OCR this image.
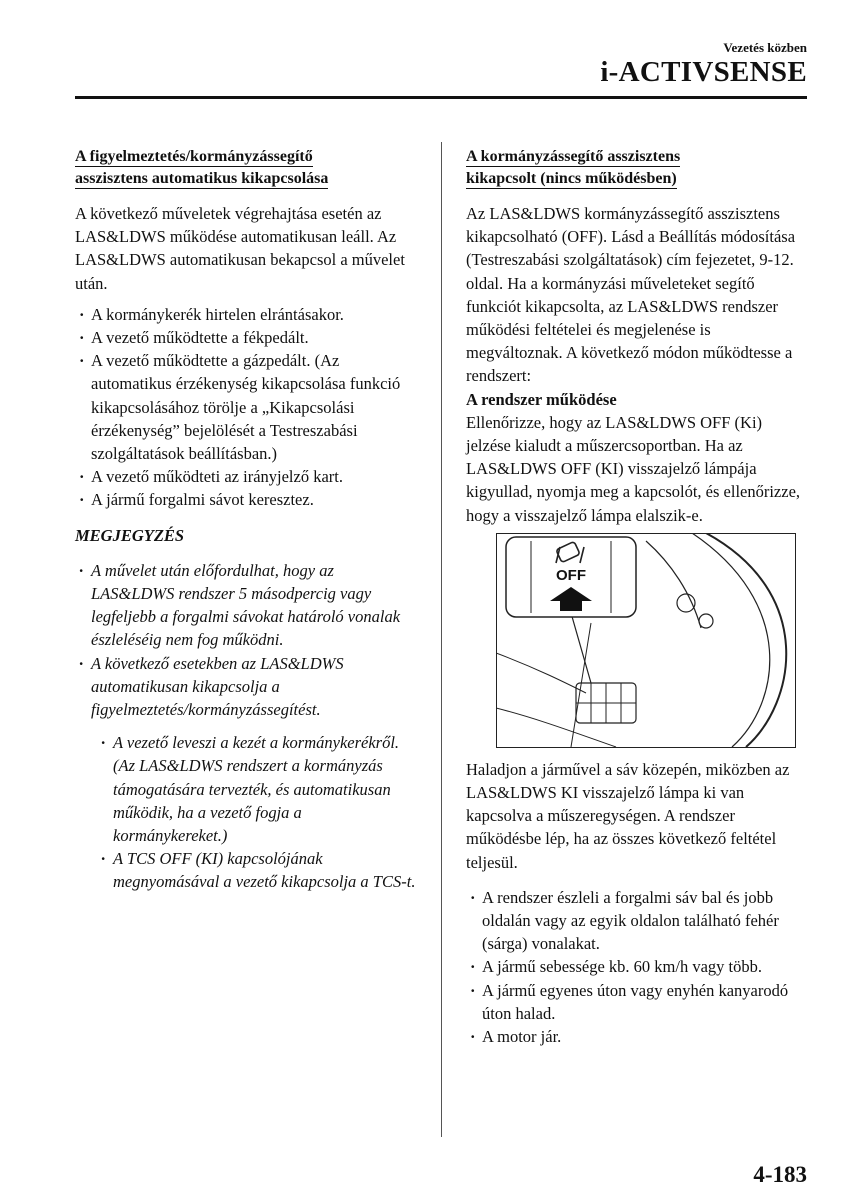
Vezetés közben
i-ACTIVSENSE
A figyelmeztetés/kormányzássegítő
asszisztens automatikus kikapcsolása

A következő műveletek végrehajtása esetén az LAS&LDWS működése automatikusan leáll. Az LAS&LDWS automatikusan bekapcsol a művelet után.

· A kormánykerék hirtelen elrántásakor.
· A vezető működtette a fékpedált.
· A vezető működtette a gázpedált. (Az automatikus érzékenység kikapcsolása funkció kikapcsolásához törölje a „Kikapcsolási érzékenység” bejelölését a Testreszabási szolgáltatások beállításban.)
· A vezető működteti az irányjelző kart.
· A jármű forgalmi sávot keresztez.
MEGJEGYZÉS
· A művelet után előfordulhat, hogy az LAS&LDWS rendszer 5 másodpercig vagy legfeljebb a forgalmi sávokat határoló vonalak észleléséig nem fog működni.
· A következő esetekben az LAS&LDWS automatikusan kikapcsolja a figyelmeztetés/kormányzássegítést.
· A vezető leveszi a kezét a kormánykerékről. (Az LAS&LDWS rendszert a kormányzás támogatására tervezték, és automatikusan működik, ha a vezető fogja a kormánykereket.)
· A TCS OFF (KI) kapcsolójának megnyomásával a vezető kikapcsolja a TCS-t.
A kormányzássegítő asszisztens
kikapcsolt (nincs működésben)

Az LAS&LDWS kormányzássegítő asszisztens kikapcsolható (OFF). Lásd a Beállítás módosítása (Testreszabási szolgáltatások) cím fejezetet, 9-12. oldal. Ha a kormányzási műveleteket segítő funkciót kikapcsolta, az LAS&LDWS rendszer működési feltételei és megjelenése is megváltoznak. A következő módon működtesse a rendszert:

A rendszer működése

Ellenőrizze, hogy az LAS&LDWS OFF (Ki) jelzése kialudt a műszercsoportban. Ha az LAS&LDWS OFF (KI) visszajelző lámpája kigyullad, nyomja meg a kapcsolót, és ellenőrizze, hogy a visszajelző lámpa elalszik-e.

OFF

Haladjon a járművel a sáv közepén, miközben az LAS&LDWS KI visszajelző lámpa ki van kapcsolva a műszeregységen. A rendszer működésbe lép, ha az összes következő feltétel teljesül.

· A rendszer észleli a forgalmi sáv bal és jobb oldalán vagy az egyik oldalon található fehér (sárga) vonalakat.
· A jármű sebessége kb. 60 km/h vagy több.
· A jármű egyenes úton vagy enyhén kanyarodó úton halad.
· A motor jár.
4-183
